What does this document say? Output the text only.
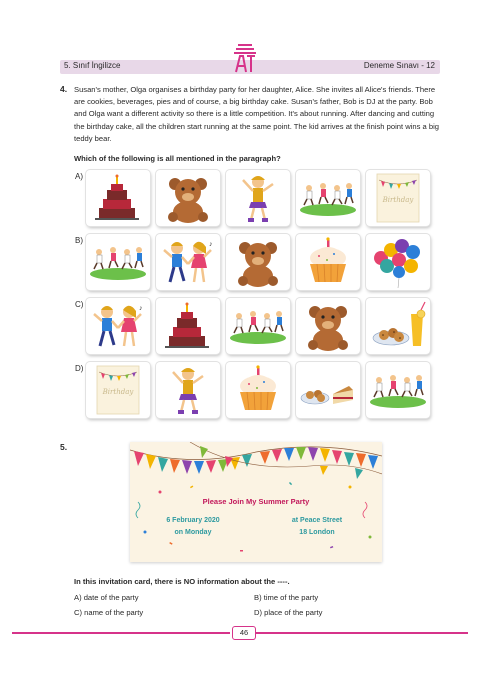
5. Sınıf İngilizce	Deneme Sınavı - 12
4. Susan's mother, Olga organises a birthday party for her daughter, Alice. She invites all Alice's friends. There are cookies, beverages, pies and of course, a big birthday cake. Susan's father, Bob is DJ at the party. Bob and Olga want a different activity so there is a little competition. It's about running. After dancing and cutting the birthday cake, all the children start running at the same point. The kid arrives at the finish point wins a big teddy bear.

Which of the following is all mentioned in the paragraph?
A)
B)
C)
D)
Birthday
♪
♪
Birthday
5.
Please Join My Summer Party
6 February 2020
on Monday
at Peace Street
18 London
In this invitation card, there is NO information about the ----.
A) date of the party	B) time of the party
C) name of the party	D) place of the party
46
